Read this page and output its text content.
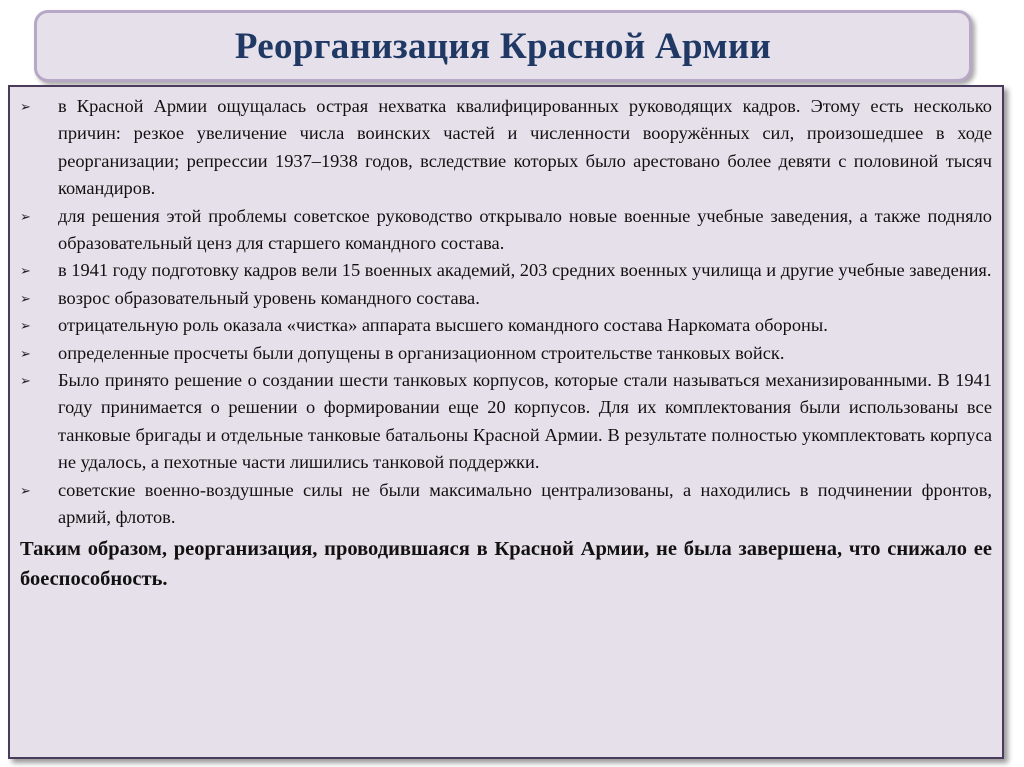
Реорганизация Красной Армии
➢	в Красной Армии ощущалась острая нехватка квалифицированных руководящих кадров. Этому есть несколько причин: резкое увеличение числа воинских частей и численности вооружённых сил, произошедшее в ходе реорганизации; репрессии 1937–1938 годов, вследствие которых было арестовано более девяти с половиной тысяч командиров.
➢	для решения этой проблемы советское руководство открывало новые военные учебные заведения, а также подняло образовательный ценз для старшего командного состава.
➢	в 1941 году подготовку кадров вели 15 военных академий, 203 средних военных училища и другие учебные заведения.
➢	возрос образовательный уровень командного состава.
➢	отрицательную роль оказала «чистка» аппарата высшего командного состава Наркомата обороны.
➢	определенные просчеты были допущены в организационном строительстве танковых войск.
➢	Было принято решение о создании шести танковых корпусов, которые стали называться механизированными. В 1941 году принимается о решении о формировании еще 20 корпусов. Для их комплектования были использованы все танковые бригады и отдельные танковые батальоны Красной Армии. В результате полностью укомплектовать корпуса не удалось, а пехотные части лишились танковой поддержки.
➢	советские военно-воздушные силы не были максимально централизованы, а находились в подчинении фронтов, армий, флотов.
Таким образом, реорганизация, проводившаяся в Красной Армии, не была завершена, что снижало ее боеспособность.
